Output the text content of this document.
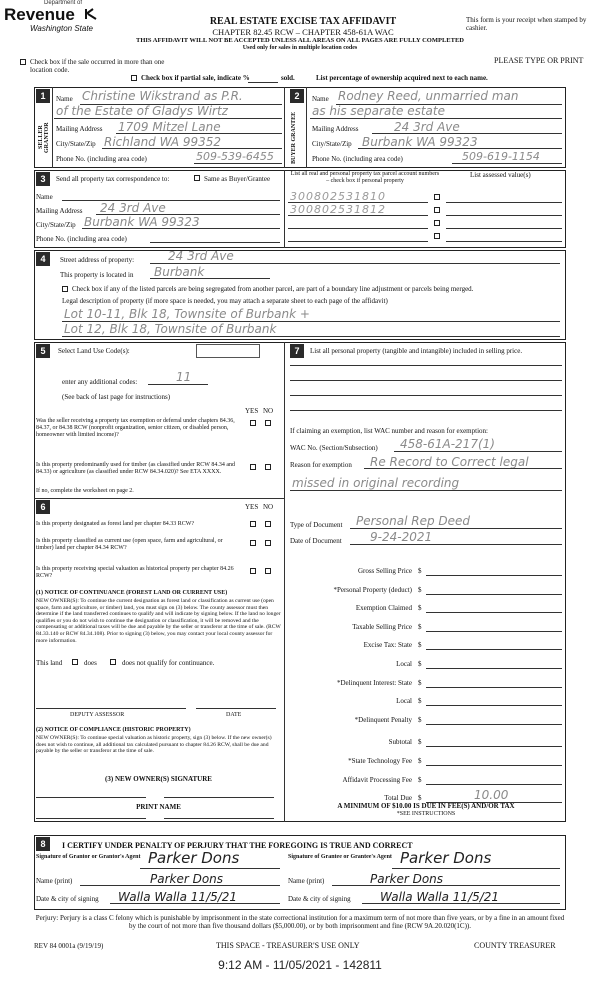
Department of
Revenue
Washington State
REAL ESTATE EXCISE TAX AFFIDAVIT
CHAPTER 82.45 RCW – CHAPTER 458-61A WAC
THIS AFFIDAVIT WILL NOT BE ACCEPTED UNLESS ALL AREAS ON ALL PAGES ARE FULLY COMPLETED
Used only for sales in multiple location codes
This form is your receipt when stamped by cashier.
PLEASE TYPE OR PRINT
Check box if the sale occurred in more than one location code.
Check box if partial sale, indicate %	sold.	List percentage of ownership acquired next to each name.
1
SELLER GRANTOR
Name Christine Wikstrand as P.R.
of the Estate of Gladys Wirtz
Mailing Address 1709 Mitzel Lane
City/State/Zip Richland WA 99352
Phone No. (including area code)	509-539-6455
2
BUYER GRANTEE
Name Rodney Reed, unmarried man
as his separate estate
Mailing Address	24 3rd Ave
City/State/Zip Burbank WA 99323
Phone No. (including area code)	509-619-1154
3	Send all property tax correspondence to:	Same as Buyer/Grantee
List all real and personal property tax parcel account numbers – check box if personal property
List assessed value(s)
Name
Mailing Address 24 3rd Ave
City/State/Zip Burbank WA 99323
Phone No. (including area code)
300802531810
300802531812
4	Street address of property:	24 3rd Ave
This property is located in Burbank
Check box if any of the listed parcels are being segregated from another parcel, are part of a boundary line adjustment or parcels being merged.
Legal description of property (if more space is needed, you may attach a separate sheet to each page of the affidavit)
Lot 10-11, Blk 18, Townsite of Burbank +
Lot 12, Blk 18, Townsite of Burbank
5	Select Land Use Code(s):
enter any additional codes:	11
(See back of last page for instructions)
YES NO
Was the seller receiving a property tax exemption or deferral under chapters 84.36, 84.37, or 84.38 RCW (nonprofit organization, senior citizen, or disabled person, homeowner with limited income)?
Is this property predominantly used for timber (as classified under RCW 84.34 and 84.33) or agriculture (as classified under RCW 84.34.020)? See ETA XXXX.
If no, complete the worksheet on page 2.
6	YES NO
Is this property designated as forest land per chapter 84.33 RCW?
Is this property classified as current use (open space, farm and agricultural, or timber) land per chapter 84.34 RCW?
Is this property receiving special valuation as historical property per chapter 84.26 RCW?
(1) NOTICE OF CONTINUANCE (FOREST LAND OR CURRENT USE)
NEW OWNER(S): To continue the current designation as forest land or classification as current use (open space, farm and agriculture, or timber) land, you must sign on (3) below. The county assessor must then determine if the land transferred continues to qualify and will indicate by signing below. If the land no longer qualifies or you do not wish to continue the designation or classification, it will be removed and the compensating or additional taxes will be due and payable by the seller or transferor at the time of sale. (RCW 84.33.140 or RCW 84.34.108). Prior to signing (3) below, you may contact your local county assessor for more information.
This land	does	does not qualify for continuance.
DEPUTY ASSESSOR	DATE
(2) NOTICE OF COMPLIANCE (HISTORIC PROPERTY)
NEW OWNER(S): To continue special valuation as historic property, sign (3) below. If the new owner(s) does not wish to continue, all additional tax calculated pursuant to chapter 84.26 RCW, shall be due and payable by the seller or transferor at the time of sale.
(3) NEW OWNER(S) SIGNATURE
PRINT NAME
7	List all personal property (tangible and intangible) included in selling price.
If claiming an exemption, list WAC number and reason for exemption:
WAC No. (Section/Subsection) 458-61A-217(1)
Reason for exemption Re Record to Correct legal
missed in original recording
Type of Document Personal Rep Deed
Date of Document 9-24-2021
Gross Selling Price $
*Personal Property (deduct) $
Exemption Claimed $
Taxable Selling Price $
Excise Tax: State $
Local $
*Delinquent Interest: State $
Local $
*Delinquent Penalty $
Subtotal $
*State Technology Fee $
Affidavit Processing Fee $
Total Due $	10.00
A MINIMUM OF $10.00 IS DUE IN FEE(S) AND/OR TAX
*SEE INSTRUCTIONS
8	I CERTIFY UNDER PENALTY OF PERJURY THAT THE FOREGOING IS TRUE AND CORRECT
Signature of Grantor or Grantor's Agent Parker Dons	Signature of Grantee or Grantee's Agent Parker Dons
Name (print)	Parker Dons	Name (print)	Parker Dons
Date & city of signing Walla Walla 11/5/21	Date & city of signing Walla Walla 11/5/21
Perjury: Perjury is a class C felony which is punishable by imprisonment in the state correctional institution for a maximum term of not more than five years, or by a fine in an amount fixed by the court of not more than five thousand dollars ($5,000.00), or by both imprisonment and fine (RCW 9A.20.020(1C)).
REV 84 0001a (9/19/19)	THIS SPACE - TREASURER'S USE ONLY	COUNTY TREASURER
9:12 AM - 11/05/2021 - 142811
